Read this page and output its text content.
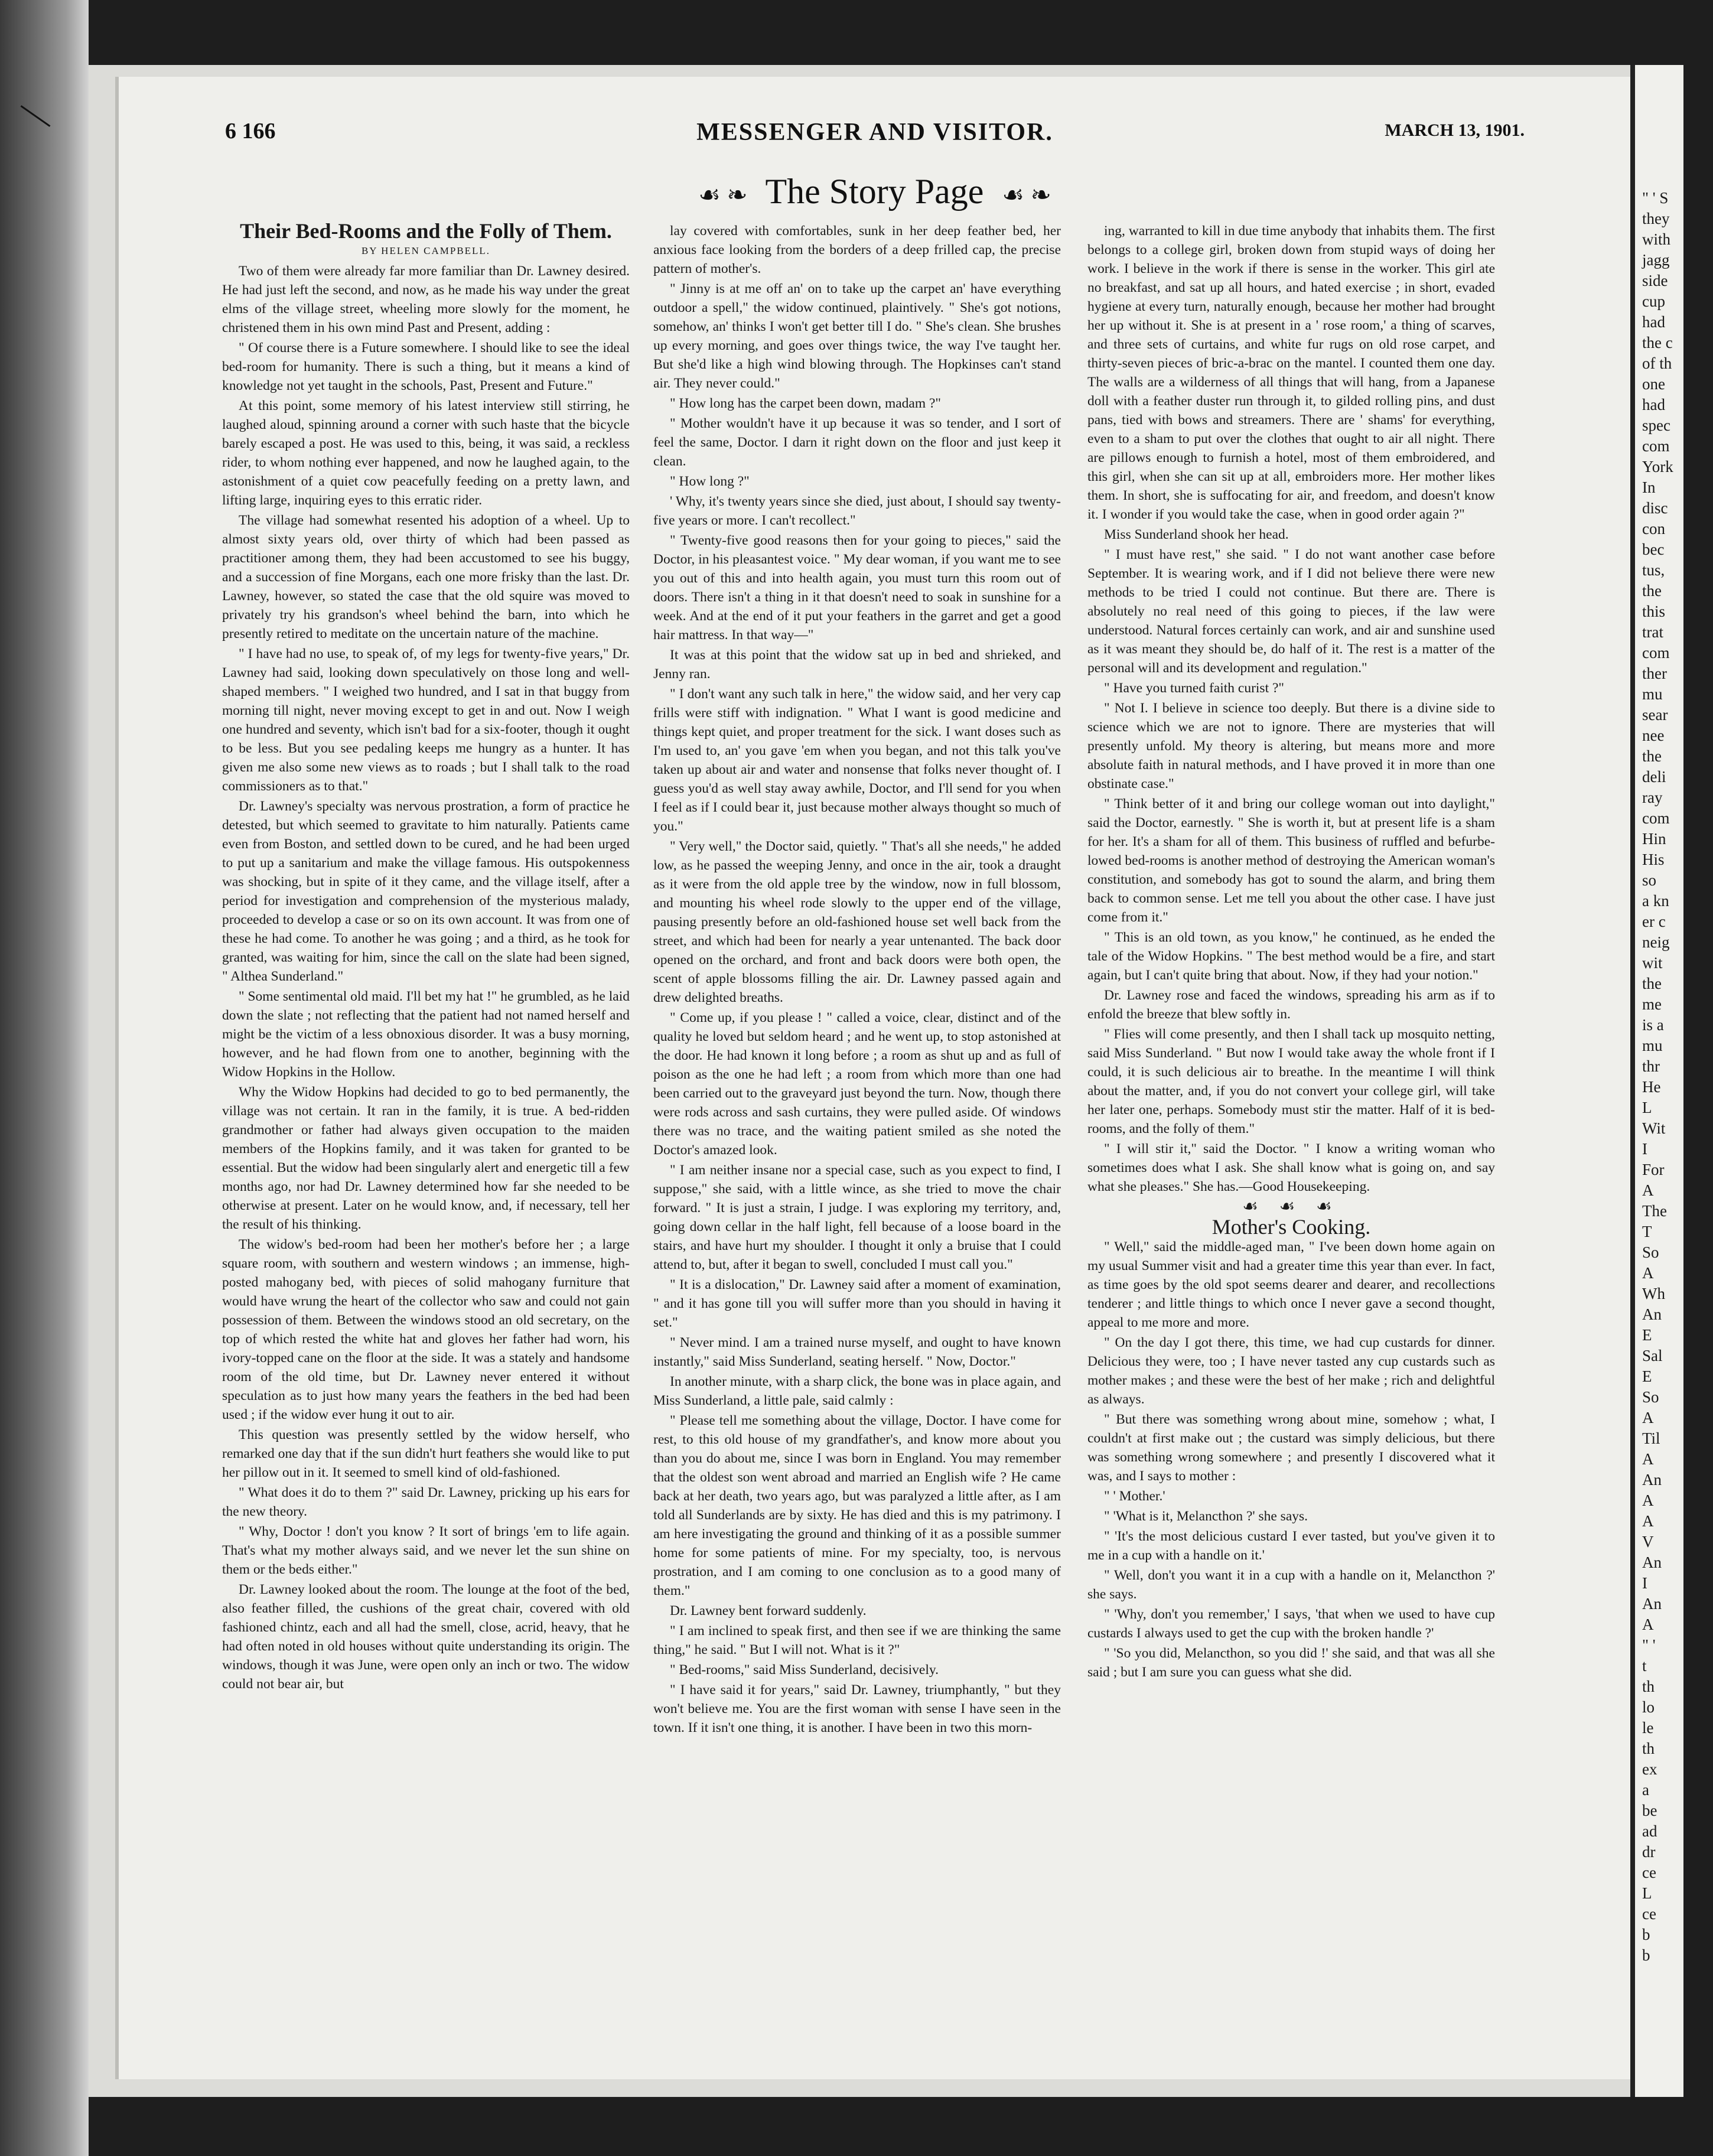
6 166	MESSENGER AND VISITOR.	MARCH 13, 1901.
☙ ❧ The Story Page ☙ ❧

Their Bed-Rooms and the Folly of Them.

BY HELEN CAMPBELL.

Two of them were already far more familiar than Dr. Lawney desired. He had just left the second, and now, as he made his way under the great elms of the village street, wheeling more slowly for the moment, he christened them in his own mind Past and Present, adding :

" Of course there is a Future somewhere. I should like to see the ideal bed-room for humanity. There is such a thing, but it means a kind of knowledge not yet taught in the schools, Past, Present and Future."

At this point, some memory of his latest interview still stirring, he laughed aloud, spinning around a corner with such haste that the bicycle barely escaped a post. He was used to this, being, it was said, a reckless rider, to whom nothing ever happened, and now he laughed again, to the astonishment of a quiet cow peacefully feeding on a pretty lawn, and lifting large, inquiring eyes to this erratic rider.

The village had somewhat resented his adoption of a wheel. Up to almost sixty years old, over thirty of which had been passed as practitioner among them, they had been accustomed to see his buggy, and a succession of fine Morgans, each one more frisky than the last. Dr. Lawney, however, so stated the case that the old squire was moved to privately try his grandson's wheel behind the barn, into which he presently retired to meditate on the uncertain nature of the machine.

" I have had no use, to speak of, of my legs for twenty-five years," Dr. Lawney had said, looking down speculatively on those long and well-shaped members. " I weighed two hundred, and I sat in that buggy from morning till night, never moving except to get in and out. Now I weigh one hundred and seventy, which isn't bad for a six-footer, though it ought to be less. But you see pedaling keeps me hungry as a hunter. It has given me also some new views as to roads ; but I shall talk to the road commissioners as to that."

Dr. Lawney's specialty was nervous prostration, a form of practice he detested, but which seemed to gravitate to him naturally. Patients came even from Boston, and settled down to be cured, and he had been urged to put up a sanitarium and make the village famous. His outspokenness was shocking, but in spite of it they came, and the village itself, after a period for investigation and comprehension of the mysterious malady, proceeded to develop a case or so on its own account. It was from one of these he had come. To another he was going ; and a third, as he took for granted, was waiting for him, since the call on the slate had been signed, " Althea Sunderland."

" Some sentimental old maid. I'll bet my hat !" he grumbled, as he laid down the slate ; not reflecting that the patient had not named herself and might be the victim of a less obnoxious disorder. It was a busy morning, however, and he had flown from one to another, beginning with the Widow Hopkins in the Hollow.

Why the Widow Hopkins had decided to go to bed permanently, the village was not certain. It ran in the family, it is true. A bed-ridden grandmother or father had always given occupation to the maiden members of the Hopkins family, and it was taken for granted to be essential. But the widow had been singularly alert and energetic till a few months ago, nor had Dr. Lawney determined how far she needed to be otherwise at present. Later on he would know, and, if necessary, tell her the result of his thinking.

The widow's bed-room had been her mother's before her ; a large square room, with southern and western windows ; an immense, high-posted mahogany bed, with pieces of solid mahogany furniture that would have wrung the heart of the collector who saw and could not gain possession of them. Between the windows stood an old secretary, on the top of which rested the white hat and gloves her father had worn, his ivory-topped cane on the floor at the side. It was a stately and handsome room of the old time, but Dr. Lawney never entered it without speculation as to just how many years the feathers in the bed had been used ; if the widow ever hung it out to air.

This question was presently settled by the widow herself, who remarked one day that if the sun didn't hurt feathers she would like to put her pillow out in it. It seemed to smell kind of old-fashioned.

" What does it do to them ?" said Dr. Lawney, pricking up his ears for the new theory.

" Why, Doctor ! don't you know ? It sort of brings 'em to life again. That's what my mother always said, and we never let the sun shine on them or the beds either."

Dr. Lawney looked about the room. The lounge at the foot of the bed, also feather filled, the cushions of the great chair, covered with old fashioned chintz, each and all had the smell, close, acrid, heavy, that he had often noted in old houses without quite understanding its origin. The windows, though it was June, were open only an inch or two. The widow could not bear air, but

lay covered with comfortables, sunk in her deep feather bed, her anxious face looking from the borders of a deep frilled cap, the precise pattern of mother's.

" Jinny is at me off an' on to take up the carpet an' have everything outdoor a spell," the widow continued, plaintively. " She's got notions, somehow, an' thinks I won't get better till I do. " She's clean. She brushes up every morning, and goes over things twice, the way I've taught her. But she'd like a high wind blowing through. The Hopkinses can't stand air. They never could."

" How long has the carpet been down, madam ?"

" Mother wouldn't have it up because it was so tender, and I sort of feel the same, Doctor. I darn it right down on the floor and just keep it clean.

" How long ?"

' Why, it's twenty years since she died, just about, I should say twenty-five years or more. I can't recollect."

" Twenty-five good reasons then for your going to pieces," said the Doctor, in his pleasantest voice. " My dear woman, if you want me to see you out of this and into health again, you must turn this room out of doors. There isn't a thing in it that doesn't need to soak in sunshine for a week. And at the end of it put your feathers in the garret and get a good hair mattress. In that way—"

It was at this point that the widow sat up in bed and shrieked, and Jenny ran.

" I don't want any such talk in here," the widow said, and her very cap frills were stiff with indignation. " What I want is good medicine and things kept quiet, and proper treatment for the sick. I want doses such as I'm used to, an' you gave 'em when you began, and not this talk you've taken up about air and water and nonsense that folks never thought of. I guess you'd as well stay away awhile, Doctor, and I'll send for you when I feel as if I could bear it, just because mother always thought so much of you."

" Very well," the Doctor said, quietly. " That's all she needs," he added low, as he passed the weeping Jenny, and once in the air, took a draught as it were from the old apple tree by the window, now in full blossom, and mounting his wheel rode slowly to the upper end of the village, pausing presently before an old-fashioned house set well back from the street, and which had been for nearly a year untenanted. The back door opened on the orchard, and front and back doors were both open, the scent of apple blossoms filling the air. Dr. Lawney passed again and drew delighted breaths.

" Come up, if you please ! " called a voice, clear, distinct and of the quality he loved but seldom heard ; and he went up, to stop astonished at the door. He had known it long before ; a room as shut up and as full of poison as the one he had left ; a room from which more than one had been carried out to the graveyard just beyond the turn. Now, though there were rods across and sash curtains, they were pulled aside. Of windows there was no trace, and the waiting patient smiled as she noted the Doctor's amazed look.

" I am neither insane nor a special case, such as you expect to find, I suppose," she said, with a little wince, as she tried to move the chair forward. " It is just a strain, I judge. I was exploring my territory, and, going down cellar in the half light, fell because of a loose board in the stairs, and have hurt my shoulder. I thought it only a bruise that I could attend to, but, after it began to swell, concluded I must call you."

" It is a dislocation," Dr. Lawney said after a moment of examination, " and it has gone till you will suffer more than you should in having it set."

" Never mind. I am a trained nurse myself, and ought to have known instantly," said Miss Sunderland, seating herself. " Now, Doctor."

In another minute, with a sharp click, the bone was in place again, and Miss Sunderland, a little pale, said calmly :

" Please tell me something about the village, Doctor. I have come for rest, to this old house of my grandfather's, and know more about you than you do about me, since I was born in England. You may remember that the oldest son went abroad and married an English wife ? He came back at her death, two years ago, but was paralyzed a little after, as I am told all Sunderlands are by sixty. He has died and this is my patrimony. I am here investigating the ground and thinking of it as a possible summer home for some patients of mine. For my specialty, too, is nervous prostration, and I am coming to one conclusion as to a good many of them."

Dr. Lawney bent forward suddenly.

" I am inclined to speak first, and then see if we are thinking the same thing," he said. " But I will not. What is it ?"

" Bed-rooms," said Miss Sunderland, decisively.

" I have said it for years," said Dr. Lawney, triumphantly, " but they won't believe me. You are the first woman with sense I have seen in the town. If it isn't one thing, it is another. I have been in two this morn-

ing, warranted to kill in due time anybody that inhabits them. The first belongs to a college girl, broken down from stupid ways of doing her work. I believe in the work if there is sense in the worker. This girl ate no breakfast, and sat up all hours, and hated exercise ; in short, evaded hygiene at every turn, naturally enough, because her mother had brought her up without it. She is at present in a ' rose room,' a thing of scarves, and three sets of curtains, and white fur rugs on old rose carpet, and thirty-seven pieces of bric-a-brac on the mantel. I counted them one day. The walls are a wilderness of all things that will hang, from a Japanese doll with a feather duster run through it, to gilded rolling pins, and dust pans, tied with bows and streamers. There are ' shams' for everything, even to a sham to put over the clothes that ought to air all night. There are pillows enough to furnish a hotel, most of them embroidered, and this girl, when she can sit up at all, embroiders more. Her mother likes them. In short, she is suffocating for air, and freedom, and doesn't know it. I wonder if you would take the case, when in good order again ?"

Miss Sunderland shook her head.

" I must have rest," she said. " I do not want another case before September. It is wearing work, and if I did not believe there were new methods to be tried I could not continue. But there are. There is absolutely no real need of this going to pieces, if the law were understood. Natural forces certainly can work, and air and sunshine used as it was meant they should be, do half of it. The rest is a matter of the personal will and its development and regulation."

" Have you turned faith curist ?"

" Not I. I believe in science too deeply. But there is a divine side to science which we are not to ignore. There are mysteries that will presently unfold. My theory is altering, but means more and more absolute faith in natural methods, and I have proved it in more than one obstinate case."

" Think better of it and bring our college woman out into daylight," said the Doctor, earnestly. " She is worth it, but at present life is a sham for her. It's a sham for all of them. This business of ruffled and befurbe-lowed bed-rooms is another method of destroying the American woman's constitution, and somebody has got to sound the alarm, and bring them back to common sense. Let me tell you about the other case. I have just come from it."

" This is an old town, as you know," he continued, as he ended the tale of the Widow Hopkins. " The best method would be a fire, and start again, but I can't quite bring that about. Now, if they had your notion."

Dr. Lawney rose and faced the windows, spreading his arm as if to enfold the breeze that blew softly in.

" Flies will come presently, and then I shall tack up mosquito netting, said Miss Sunderland. " But now I would take away the whole front if I could, it is such delicious air to breathe. In the meantime I will think about the matter, and, if you do not convert your college girl, will take her later one, perhaps. Somebody must stir the matter. Half of it is bed-rooms, and the folly of them."

" I will stir it," said the Doctor. " I know a writing woman who sometimes does what I ask. She shall know what is going on, and say what she pleases." She has.—Good Housekeeping.

☙ ☙ ☙

Mother's Cooking.

" Well," said the middle-aged man, " I've been down home again on my usual Summer visit and had a greater time this year than ever. In fact, as time goes by the old spot seems dearer and dearer, and recollections tenderer ; and little things to which once I never gave a second thought, appeal to me more and more.

" On the day I got there, this time, we had cup custards for dinner. Delicious they were, too ; I have never tasted any cup custards such as mother makes ; and these were the best of her make ; rich and delightful as always.

" But there was something wrong about mine, somehow ; what, I couldn't at first make out ; the custard was simply delicious, but there was something wrong somewhere ; and presently I discovered what it was, and I says to mother :

" ' Mother.'

" 'What is it, Melancthon ?' she says.

" 'It's the most delicious custard I ever tasted, but you've given it to me in a cup with a handle on it.'

" Well, don't you want it in a cup with a handle on it, Melancthon ?' she says.

" 'Why, don't you remember,' I says, 'that when we used to have cup custards I always used to get the cup with the broken handle ?'

" 'So you did, Melancthon, so you did !' she said, and that was all she said ; but I am sure you can guess what she did.

" ' S
they
with
jagg
side
cup
had
the c
of th
one
had
spec
com
York
In
disc
con
bec
tus,
the
this
trat
com
ther
mu
sear
nee
the
deli
ray
com
Hin
His
so
a kn
er c
neig
wit
the
me
is a
mu
thr
He
L
Wit
I
For
A
The
T
So
A
Wh
An
E
Sal
E
So
A
Til
A
An
A
A
V
An
I
An
A
" '
t
th
lo
le
th
ex
a
be
ad
dr
ce
L
ce
b
b
